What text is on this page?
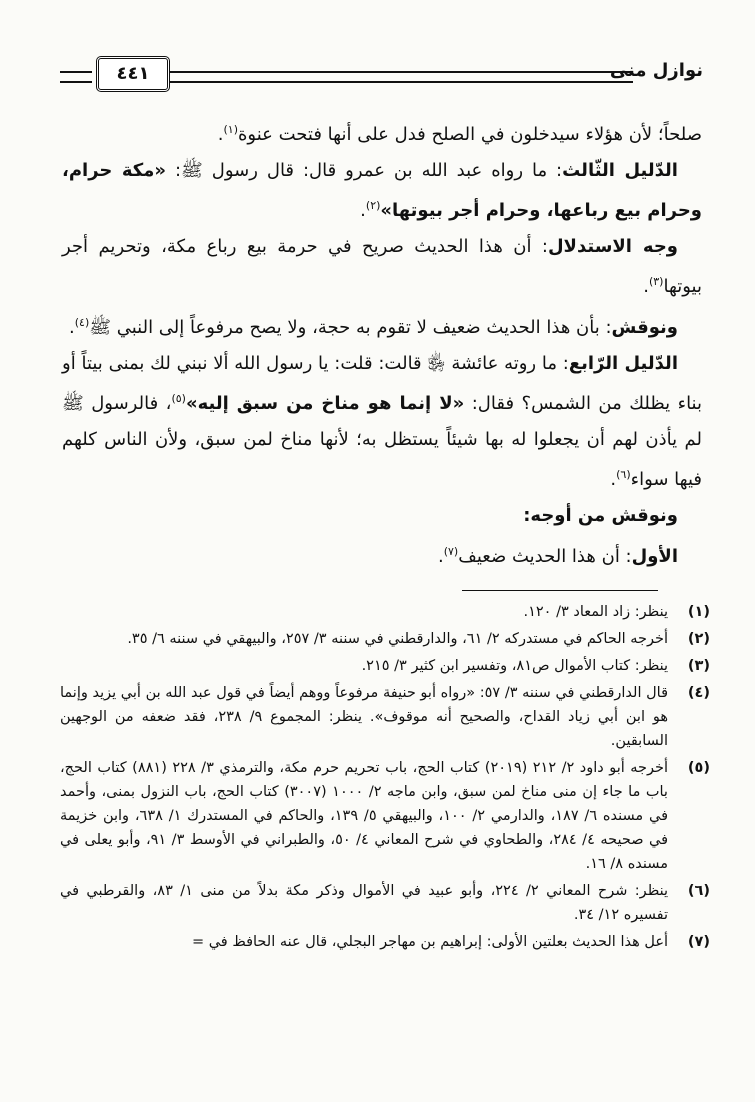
نوازل منى
٤٤١

صلحاً؛ لأن هؤلاء سيدخلون في الصلح فدل على أنها فتحت عنوة$^{(١)}$.

الدّليل الثّالث: ما رواه عبد الله بن عمرو قال: قال رسول ﷺ: «مكة حرام، وحرام بيع رباعها، وحرام أجر بيوتها»$^{(٢)}$.

وجه الاستدلال: أن هذا الحديث صريح في حرمة بيع رباع مكة، وتحريم أجر بيوتها$^{(٣)}$.

ونوقش: بأن هذا الحديث ضعيف لا تقوم به حجة، ولا يصح مرفوعاً إلى النبي ﷺ$^{(٤)}$.

الدّليل الرّابع: ما روته عائشة ﵂ قالت: قلت: يا رسول الله ألا نبني لك بمنى بيتاً أو بناء يظلك من الشمس؟ فقال: «لا إنما هو مناخ من سبق إليه»$^{(٥)}$، فالرسول ﷺ لم يأذن لهم أن يجعلوا له بها شيئاً يستظل به؛ لأنها مناخ لمن سبق، ولأن الناس كلهم فيها سواء$^{(٦)}$.

ونوقش من أوجه:

الأول: أن هذا الحديث ضعيف$^{(٧)}$.

(١)
ينظر: زاد المعاد ٣/ ١٢٠.
(٢)
أخرجه الحاكم في مستدركه ٢/ ٦١، والدارقطني في سننه ٣/ ٢٥٧، والبيهقي في سننه ٦/ ٣٥.
(٣)
ينظر: كتاب الأموال ص٨١، وتفسير ابن كثير ٣/ ٢١٥.
(٤)
قال الدارقطني في سننه ٣/ ٥٧: «رواه أبو حنيفة مرفوعاً ووهم أيضاً في قول عبد الله بن أبي يزيد وإنما هو ابن أبي زياد القداح، والصحيح أنه موقوف». ينظر: المجموع ٩/ ٢٣٨، فقد ضعفه من الوجهين السابقين.
(٥)
أخرجه أبو داود ٢/ ٢١٢ (٢٠١٩) كتاب الحج، باب تحريم حرم مكة، والترمذي ٣/ ٢٢٨ (٨٨١) كتاب الحج، باب ما جاء إن منى مناخ لمن سبق، وابن ماجه ٢/ ١٠٠٠ (٣٠٠٧) كتاب الحج، باب النزول بمنى، وأحمد في مسنده ٦/ ١٨٧، والدارمي ٢/ ١٠٠، والبيهقي ٥/ ١٣٩، والحاكم في المستدرك ١/ ٦٣٨، وابن خزيمة في صحيحه ٤/ ٢٨٤، والطحاوي في شرح المعاني ٤/ ٥٠، والطبراني في الأوسط ٣/ ٩١، وأبو يعلى في مسنده ٨/ ١٦.
(٦)
ينظر: شرح المعاني ٢/ ٢٢٤، وأبو عبيد في الأموال وذكر مكة بدلاً من منى ١/ ٨٣، والقرطبي في تفسيره ١٢/ ٣٤.
(٧)
أعل هذا الحديث بعلتين الأولى: إبراهيم بن مهاجر البجلي، قال عنه الحافظ في =
